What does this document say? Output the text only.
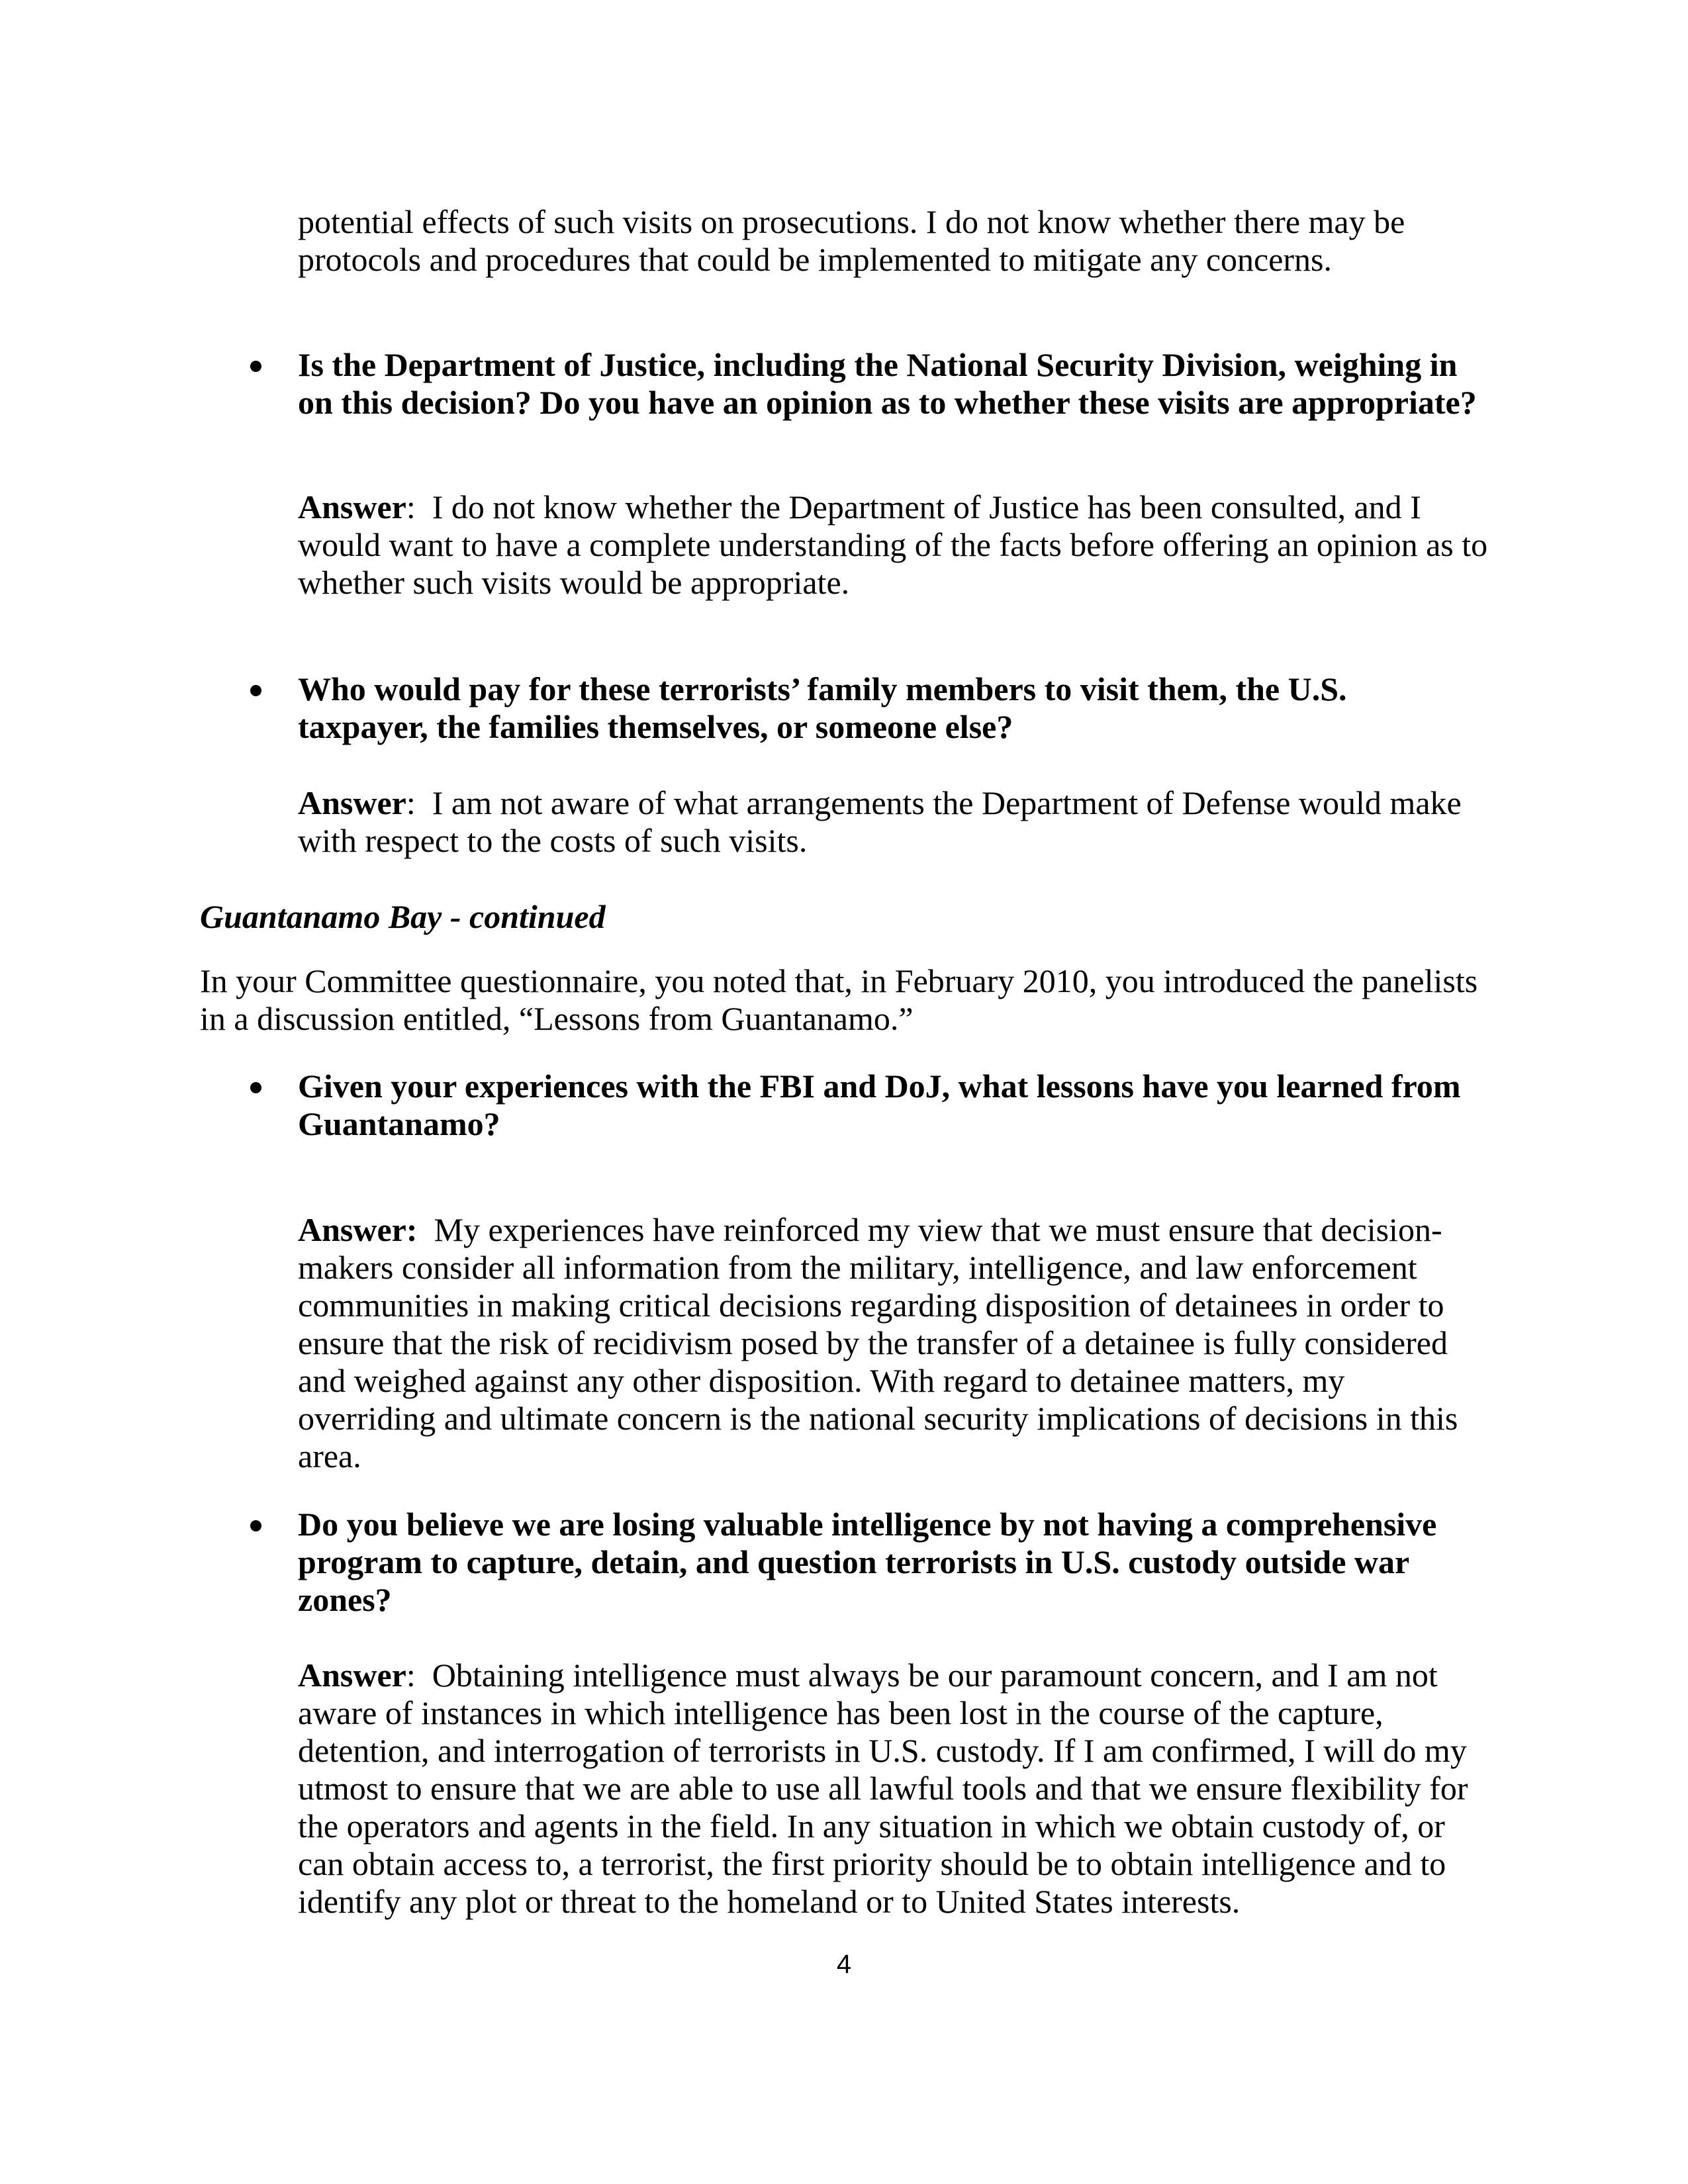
potential effects of such visits on prosecutions. I do not know whether there may be
protocols and procedures that could be implemented to mitigate any concerns.
Is the Department of Justice, including the National Security Division, weighing in
on this decision? Do you have an opinion as to whether these visits are appropriate?
Answer:  I do not know whether the Department of Justice has been consulted, and I
would want to have a complete understanding of the facts before offering an opinion as to
whether such visits would be appropriate.
Who would pay for these terrorists’ family members to visit them, the U.S.
taxpayer, the families themselves, or someone else?
Answer:  I am not aware of what arrangements the Department of Defense would make
with respect to the costs of such visits.
Guantanamo Bay - continued
In your Committee questionnaire, you noted that, in February 2010, you introduced the panelists
in a discussion entitled, “Lessons from Guantanamo.”
Given your experiences with the FBI and DoJ, what lessons have you learned from
Guantanamo?
Answer:  My experiences have reinforced my view that we must ensure that decision-
makers consider all information from the military, intelligence, and law enforcement
communities in making critical decisions regarding disposition of detainees in order to
ensure that the risk of recidivism posed by the transfer of a detainee is fully considered
and weighed against any other disposition. With regard to detainee matters, my
overriding and ultimate concern is the national security implications of decisions in this
area.
Do you believe we are losing valuable intelligence by not having a comprehensive
program to capture, detain, and question terrorists in U.S. custody outside war
zones?
Answer:  Obtaining intelligence must always be our paramount concern, and I am not
aware of instances in which intelligence has been lost in the course of the capture,
detention, and interrogation of terrorists in U.S. custody. If I am confirmed, I will do my
utmost to ensure that we are able to use all lawful tools and that we ensure flexibility for
the operators and agents in the field. In any situation in which we obtain custody of, or
can obtain access to, a terrorist, the first priority should be to obtain intelligence and to
identify any plot or threat to the homeland or to United States interests.
4
